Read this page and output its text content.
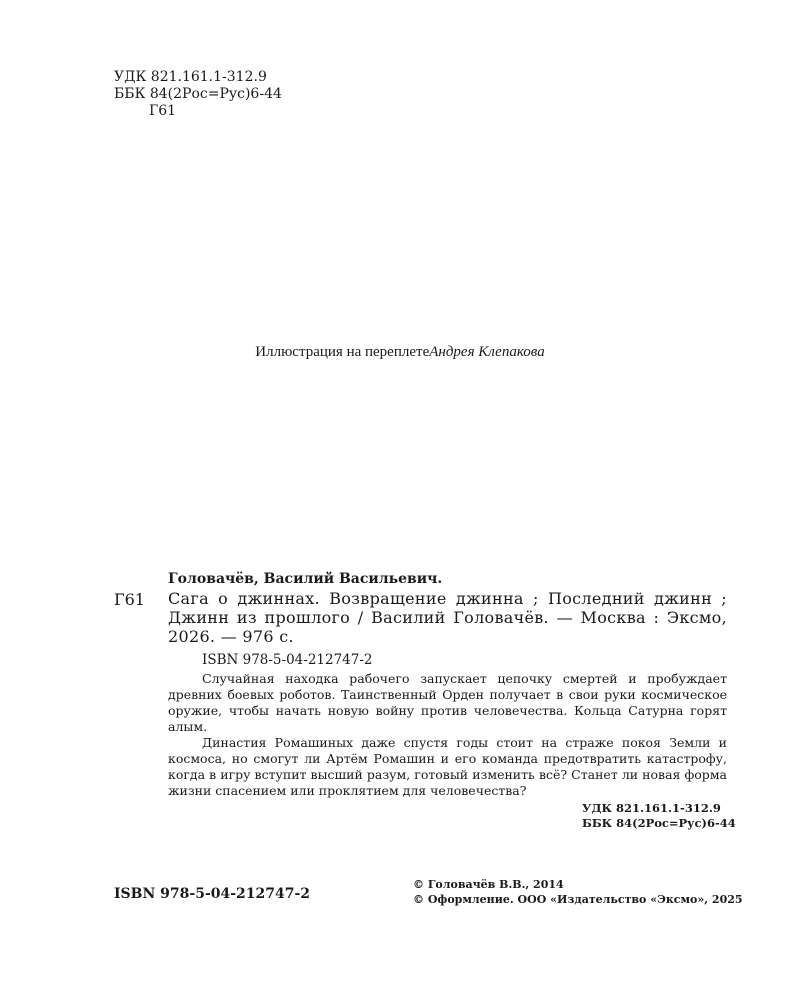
УДК 821.161.1-312.9
ББК 84(2Рос=Рус)6-44
Г61
Иллюстрация на переплетеАндрея Клепакова
Головачёв, Василий Васильевич.
Г61 Сага о джиннах. Возвращение джинна ; Последний джинн ; Джинн из прошлого / Василий Головачёв. — Москва : Эксмо, 2026. — 976 с.
ISBN 978-5-04-212747-2

Случайная находка рабочего запускает цепочку смертей и пробуждает древних боевых роботов. Таинственный Орден получает в свои руки космическое оружие, чтобы начать новую войну против человечества. Кольца Сатурна горят алым.

Династия Ромашиных даже спустя годы стоит на страже покоя Земли и космоса, но смогут ли Артём Ромашин и его команда предотвратить катастрофу, когда в игру вступит высший разум, готовый изменить всё? Станет ли новая форма жизни спасением или проклятием для человечества?

УДК 821.161.1-312.9
ББК 84(2Рос=Рус)6-44
ISBN 978-5-04-212747-2
© Головачёв В.В., 2014
© Оформление. ООО «Издательство «Эксмо», 2025
